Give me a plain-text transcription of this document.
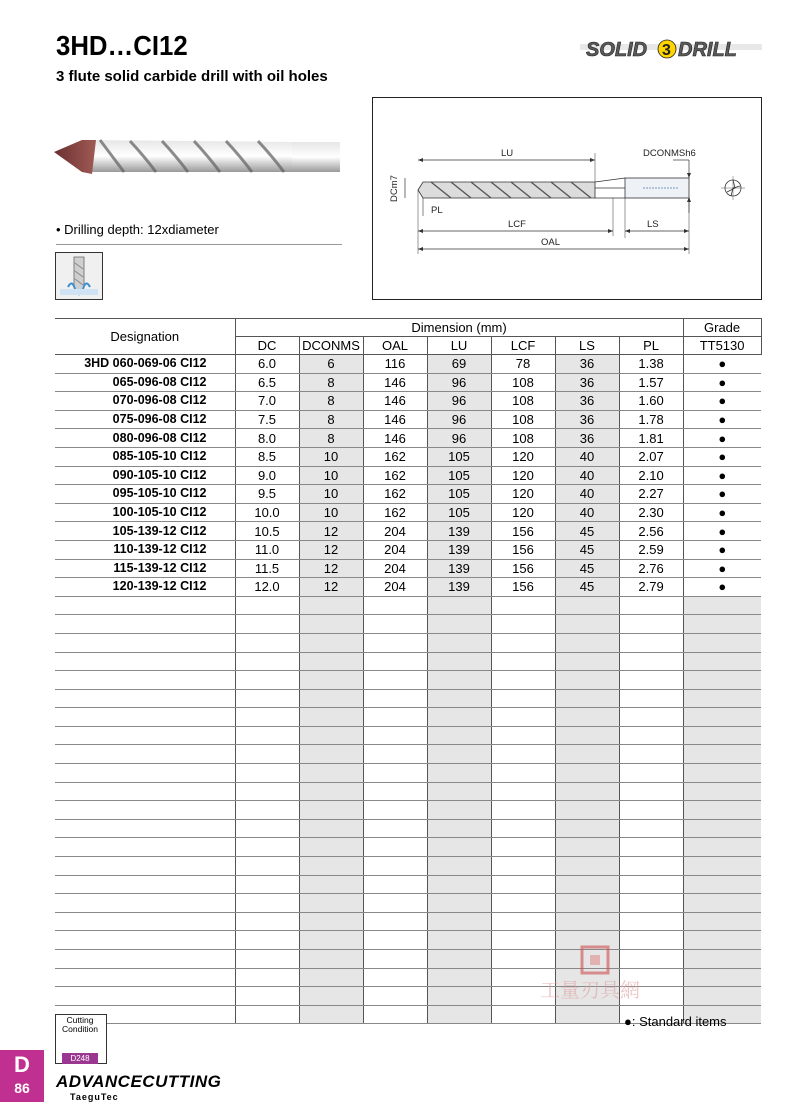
3HD…CI12
3 flute solid carbide drill with oil holes
SOLID 3 DRILL
• Drilling depth: 12xdiameter
LU	DCONMSh6
DCm7
PL
LCF	LS
OAL
Designation	Dimension (mm)							Grade
	DC	DCONMS	OAL	LU	LCF	LS	PL	TT5130
3HD 060-069-06 CI12	6.0	6	116	69	78	36	1.38	●
065-096-08 CI12	6.5	8	146	96	108	36	1.57	●
070-096-08 CI12	7.0	8	146	96	108	36	1.60	●
075-096-08 CI12	7.5	8	146	96	108	36	1.78	●
080-096-08 CI12	8.0	8	146	96	108	36	1.81	●
085-105-10 CI12	8.5	10	162	105	120	40	2.07	●
090-105-10 CI12	9.0	10	162	105	120	40	2.10	●
095-105-10 CI12	9.5	10	162	105	120	40	2.27	●
100-105-10 CI12	10.0	10	162	105	120	40	2.30	●
105-139-12 CI12	10.5	12	204	139	156	45	2.56	●
110-139-12 CI12	11.0	12	204	139	156	45	2.59	●
115-139-12 CI12	11.5	12	204	139	156	45	2.76	●
120-139-12 CI12	12.0	12	204	139	156	45	2.79	●

Cutting Condition
D248
●: Standard items
D
86	ADVANCECUTTING
TaeguTec
工量刃具網
